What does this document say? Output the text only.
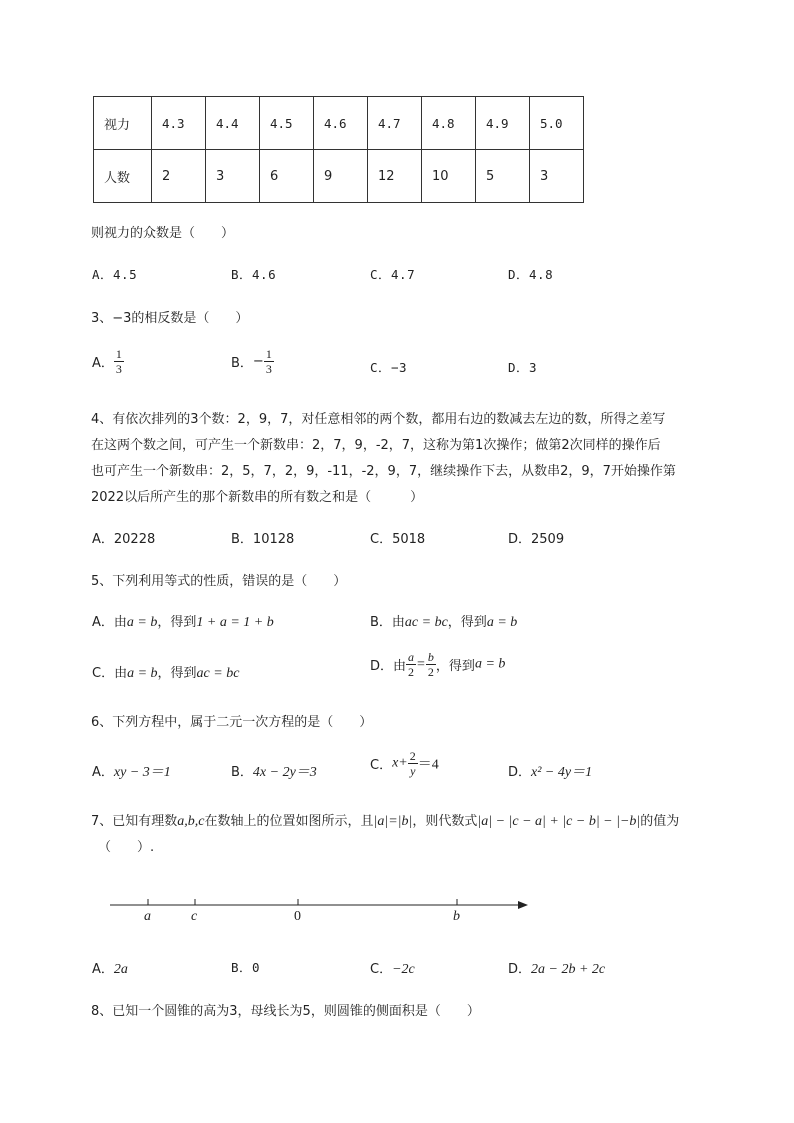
视力	4.3	4.4	4.5	4.6	4.7	4.8	4.9	5.0
人数	2	3	6	9	12	10	5	3
则视力的众数是（　　）
A．4.5	B．4.6	C．4.7	D．4.8
3、−3的相反数是（　　）
A． $\frac{1}{3}$	B．− $\frac{1}{3}$	C．−3	D．3
4、有依次排列的3个数：2，9，7，对任意相邻的两个数，都用右边的数减去左边的数，所得之差写
在这两个数之间，可产生一个新数串：2，7，9，-2，7，这称为第1次操作；做第2次同样的操作后
也可产生一个新数串：2，5，7，2，9，-11，-2，9，7，继续操作下去，从数串2，9，7开始操作第
2022以后所产生的那个新数串的所有数之和是（　　　）
A．20228	B．10128	C．5018	D．2509
5、下列利用等式的性质，错误的是（　　）
A．由a = b，得到1 + a = 1 + b	B．由ac = bc，得到a = b
C．由a = b，得到ac = bc	D．由 $\frac{a}{2} = \frac{b}{2}$ ，得到a = b
6、下列方程中，属于二元一次方程的是（　　）
A．xy − 3＝1	B．4x − 2y＝3	C．$x+ \frac{2}{y} =4$	D．x² − 4y＝1
7、已知有理数a,b,c在数轴上的位置如图所示，且|a|=|b|，则代数式|a| − |c − a| + |c − b| − |−b|的值为
（　　）.
a	c	0	b
A．2a	B．0	C．−2c	D．2a − 2b + 2c
8、已知一个圆锥的高为3，母线长为5，则圆锥的侧面积是（　　）
